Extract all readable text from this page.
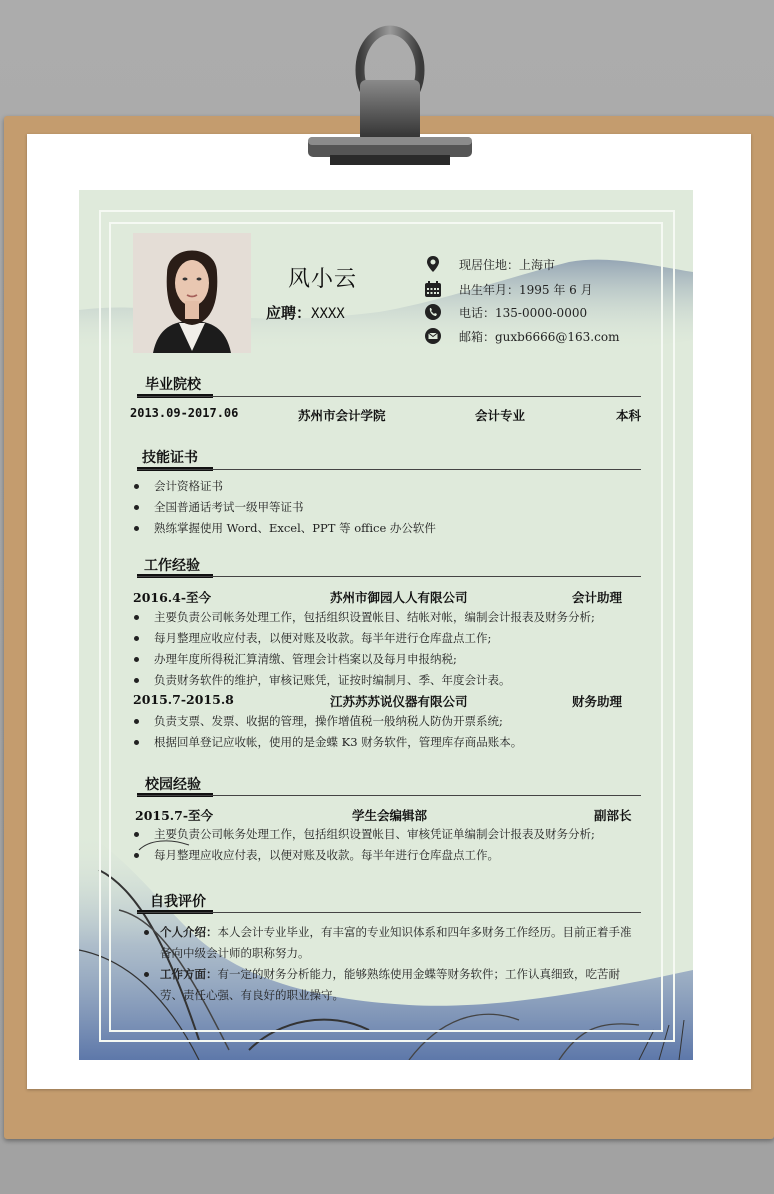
风小云
应聘：XXXX
现居住地：上海市
出生年月：1995 年 6 月
电话：135-0000-0000
邮箱：guxb6666@163.com
毕业院校
2013.09-2017.06	苏州市会计学院	会计专业	本科
技能证书
会计资格证书
全国普通话考试一级甲等证书
熟练掌握使用 Word、Excel、PPT 等 office 办公软件
工作经验
2016.4-至今	苏州市御园人人有限公司	会计助理
主要负责公司帐务处理工作，包括组织设置帐目、结帐对帐，编制会计报表及财务分析;
每月整理应收应付表，以便对账及收款。每半年进行仓库盘点工作;
办理年度所得税汇算清缴、管理会计档案以及每月申报纳税;
负责财务软件的维护，审核记账凭，证按时编制月、季、年度会计表。
2015.7-2015.8	江苏苏苏说仪器有限公司	财务助理
负责支票、发票、收据的管理，操作增值税一般纳税人防伪开票系统;
根据回单登记应收帐，使用的是金蝶 K3 财务软件，管理库存商品账本。
校园经验
2015.7-至今	学生会编辑部	副部长
主要负责公司帐务处理工作，包括组织设置帐目、审核凭证单编制会计报表及财务分析;
每月整理应收应付表，以便对账及收款。每半年进行仓库盘点工作。
自我评价
个人介绍：本人会计专业毕业，有丰富的专业知识体系和四年多财务工作经历。目前正着手准　备向中级会计师的职称努力。
工作方面：有一定的财务分析能力，能够熟练使用金蝶等财务软件；工作认真细致，吃苦耐劳、责任心强、有良好的职业操守。
